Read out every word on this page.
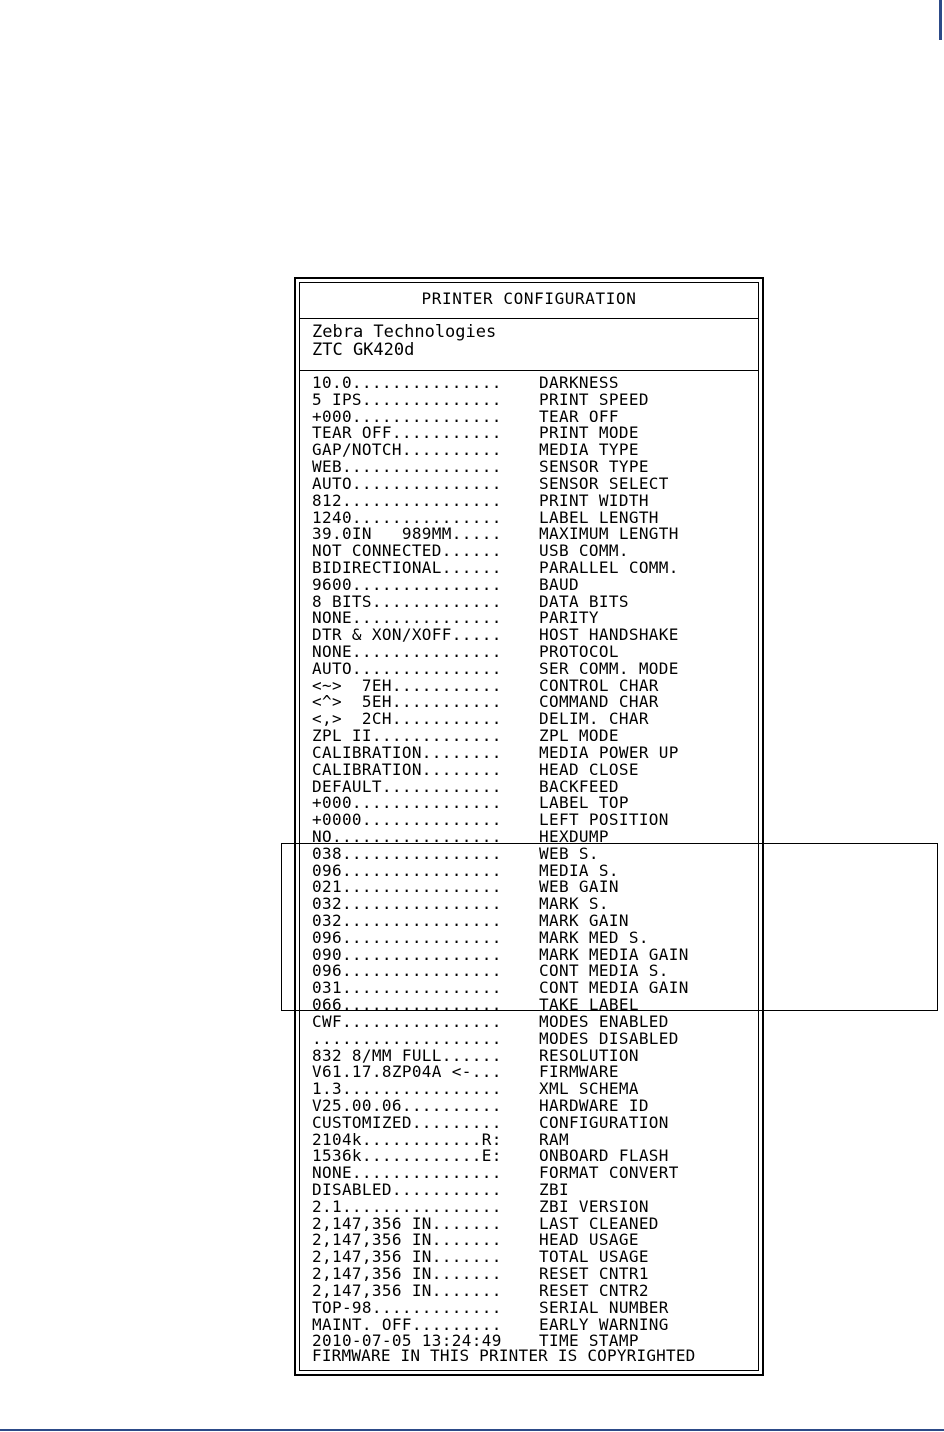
PRINTER CONFIGURATION
Zebra Technologies
ZTC GK420d
10.0............... DARKNESS
5 IPS.............. PRINT SPEED
+000............... TEAR OFF
TEAR OFF........... PRINT MODE
GAP/NOTCH.......... MEDIA TYPE
WEB................ SENSOR TYPE
AUTO............... SENSOR SELECT
812................ PRINT WIDTH
1240............... LABEL LENGTH
39.0IN   989MM..... MAXIMUM LENGTH
NOT CONNECTED...... USB COMM.
BIDIRECTIONAL...... PARALLEL COMM.
9600............... BAUD
8 BITS............. DATA BITS
NONE............... PARITY
DTR & XON/XOFF..... HOST HANDSHAKE
NONE............... PROTOCOL
AUTO............... SER COMM. MODE
<~>  7EH........... CONTROL CHAR
<^>  5EH........... COMMAND CHAR
<,>  2CH........... DELIM. CHAR
ZPL II............. ZPL MODE
CALIBRATION........ MEDIA POWER UP
CALIBRATION........ HEAD CLOSE
DEFAULT............ BACKFEED
+000............... LABEL TOP
+0000.............. LEFT POSITION
NO................. HEXDUMP
038................ WEB S.
096................ MEDIA S.
021................ WEB GAIN
032................ MARK S.
032................ MARK GAIN
096................ MARK MED S.
090................ MARK MEDIA GAIN
096................ CONT MEDIA S.
031................ CONT MEDIA GAIN
066................ TAKE LABEL
CWF................ MODES ENABLED
................... MODES DISABLED
832 8/MM FULL...... RESOLUTION
V61.17.8ZP04A <-... FIRMWARE
1.3................ XML SCHEMA
V25.00.06.......... HARDWARE ID
CUSTOMIZED......... CONFIGURATION
2104k............R: RAM
1536k............E: ONBOARD FLASH
NONE............... FORMAT CONVERT
DISABLED........... ZBI
2.1................ ZBI VERSION
2,147,356 IN....... LAST CLEANED
2,147,356 IN....... HEAD USAGE
2,147,356 IN....... TOTAL USAGE
2,147,356 IN....... RESET CNTR1
2,147,356 IN....... RESET CNTR2
TOP-98............. SERIAL NUMBER
MAINT. OFF......... EARLY WARNING
2010-07-05 13:24:49 TIME STAMP
FIRMWARE IN THIS PRINTER IS COPYRIGHTED
